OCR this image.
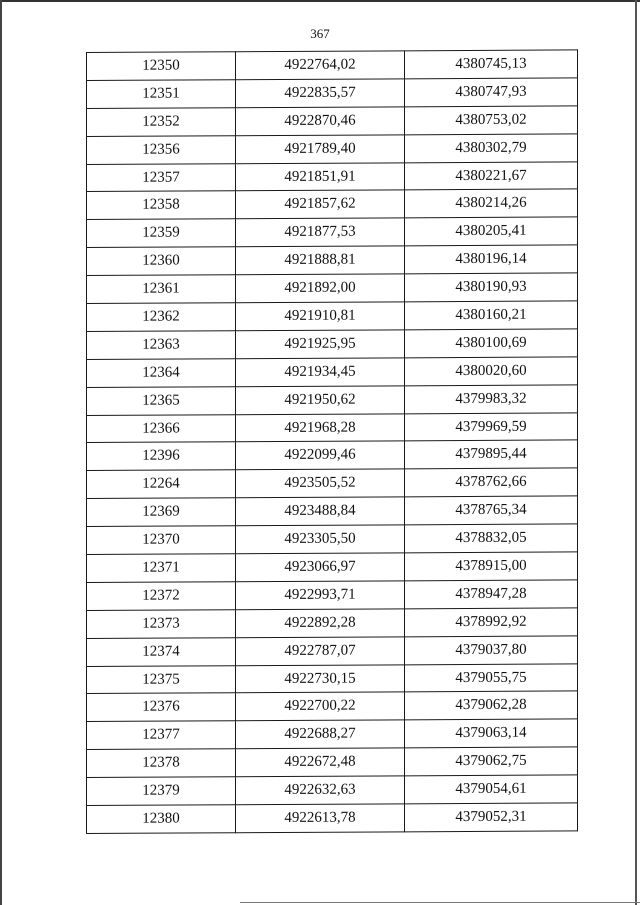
367
12350	4922764,02	4380745,13
12351	4922835,57	4380747,93
12352	4922870,46	4380753,02
12356	4921789,40	4380302,79
12357	4921851,91	4380221,67
12358	4921857,62	4380214,26
12359	4921877,53	4380205,41
12360	4921888,81	4380196,14
12361	4921892,00	4380190,93
12362	4921910,81	4380160,21
12363	4921925,95	4380100,69
12364	4921934,45	4380020,60
12365	4921950,62	4379983,32
12366	4921968,28	4379969,59
12396	4922099,46	4379895,44
12264	4923505,52	4378762,66
12369	4923488,84	4378765,34
12370	4923305,50	4378832,05
12371	4923066,97	4378915,00
12372	4922993,71	4378947,28
12373	4922892,28	4378992,92
12374	4922787,07	4379037,80
12375	4922730,15	4379055,75
12376	4922700,22	4379062,28
12377	4922688,27	4379063,14
12378	4922672,48	4379062,75
12379	4922632,63	4379054,61
12380	4922613,78	4379052,31
